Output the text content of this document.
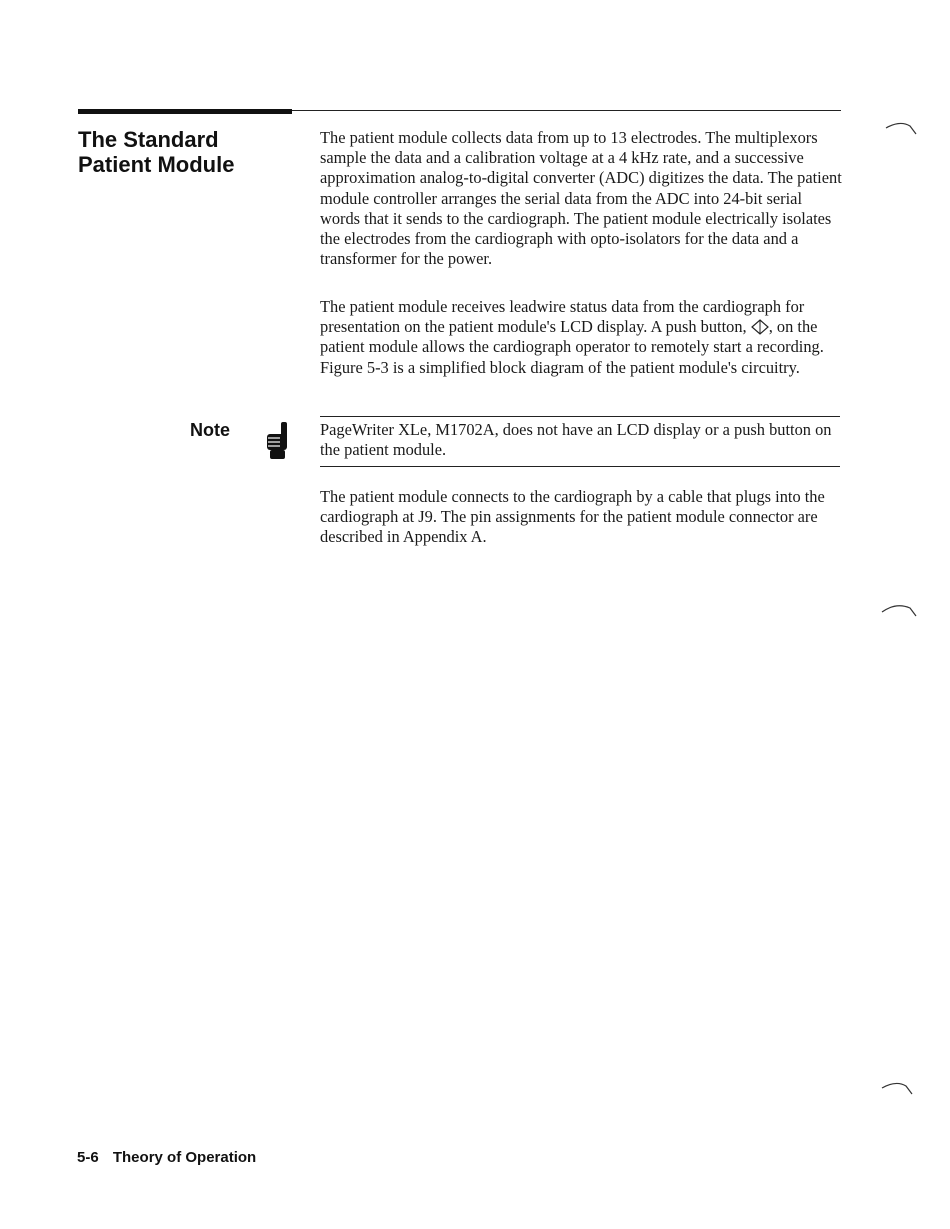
The Standard
Patient Module

The patient module collects data from up to 13 electrodes. The multiplexors sample the data and a calibration voltage at a 4 kHz rate, and a successive approximation analog-to-digital converter (ADC) digitizes the data. The patient module controller arranges the serial data from the ADC into 24-bit serial words that it sends to the cardiograph. The patient module electrically isolates the electrodes from the cardiograph with opto-isolators for the data and a transformer for the power.

The patient module receives leadwire status data from the cardiograph for presentation on the patient module's LCD display. A push button, , on the patient module allows the cardiograph operator to remotely start a recording. Figure 5-3 is a simplified block diagram of the patient module's circuitry.

Note	PageWriter XLe, M1702A, does not have an LCD display or a push button on the patient module.

The patient module connects to the cardiograph by a cable that plugs into the cardiograph at J9. The pin assignments for the patient module connector are described in Appendix A.

5-6 Theory of Operation
